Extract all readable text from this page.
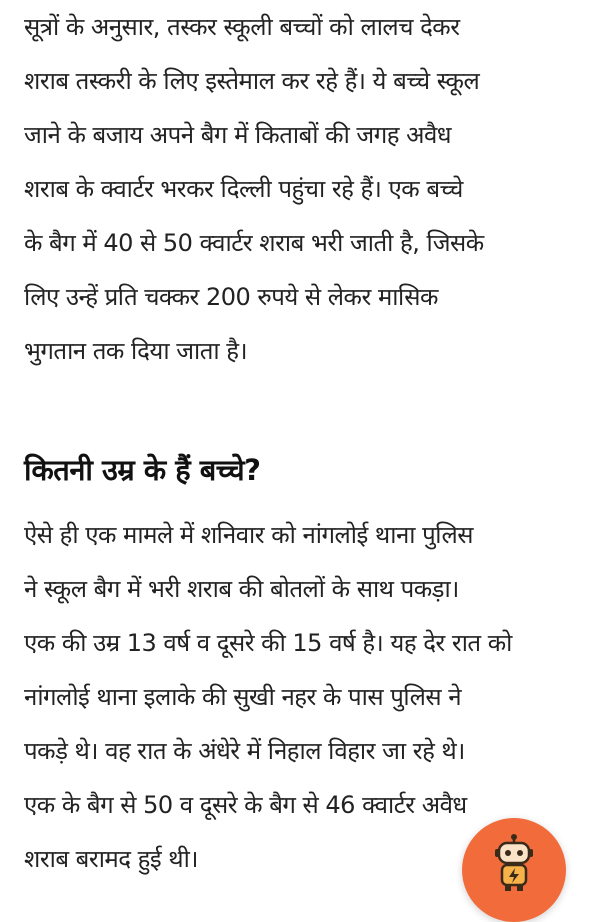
सूत्रों के अनुसार, तस्कर स्कूली बच्चों को लालच देकर
शराब तस्करी के लिए इस्तेमाल कर रहे हैं। ये बच्चे स्कूल
जाने के बजाय अपने बैग में किताबों की जगह अवैध
शराब के क्वार्टर भरकर दिल्ली पहुंचा रहे हैं। एक बच्चे
के बैग में 40 से 50 क्वार्टर शराब भरी जाती है, जिसके
लिए उन्हें प्रति चक्कर 200 रुपये से लेकर मासिक
भुगतान तक दिया जाता है।
कितनी उम्र के हैं बच्चे?
ऐसे ही एक मामले में शनिवार को नांगलोई थाना पुलिस
ने स्कूल बैग में भरी शराब की बोतलों के साथ पकड़ा।
एक की उम्र 13 वर्ष व दूसरे की 15 वर्ष है। यह देर रात को
नांगलोई थाना इलाके की सुखी नहर के पास पुलिस ने
पकड़े थे। वह रात के अंधेरे में निहाल विहार जा रहे थे।
एक के बैग से 50 व दूसरे के बैग से 46 क्वार्टर अवैध
शराब बरामद हुई थी।
